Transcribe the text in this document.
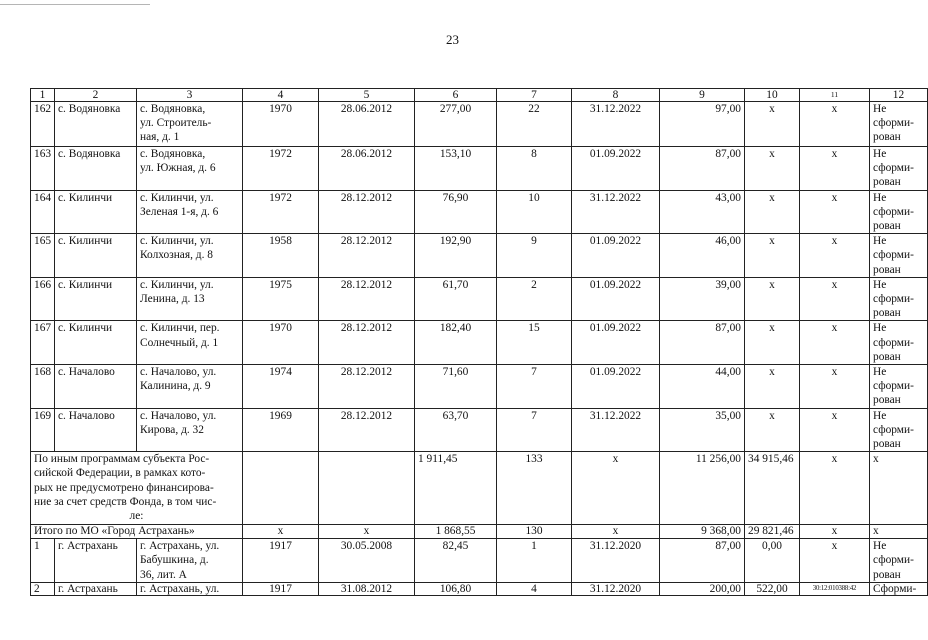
23
1	2	3	4	5	6	7	8	9	10	11	12
162	с. Водяновка	с. Водяновка,
ул. Строитель-
ная, д. 1	1970	28.06.2012	277,00	22	31.12.2022	97,00	x	x	Не
сформи-
рован

163	с. Водяновка	с. Водяновка,
ул. Южная, д. 6	1972	28.06.2012	153,10	8	01.09.2022	87,00	x	x	Не
сформи-
рован

164	с. Килинчи	с. Килинчи, ул.
Зеленая 1-я, д. 6	1972	28.12.2012	76,90	10	31.12.2022	43,00	x	x	Не
сформи-
рован

165	с. Килинчи	с. Килинчи, ул.
Колхозная, д. 8	1958	28.12.2012	192,90	9	01.09.2022	46,00	x	x	Не
сформи-
рован

166	с. Килинчи	с. Килинчи, ул.
Ленина, д. 13	1975	28.12.2012	61,70	2	01.09.2022	39,00	x	x	Не
сформи-
рован

167	с. Килинчи	с. Килинчи, пер.
Солнечный, д. 1	1970	28.12.2012	182,40	15	01.09.2022	87,00	x	x	Не
сформи-
рован

168	с. Началово	с. Началово, ул.
Калинина, д. 9	1974	28.12.2012	71,60	7	01.09.2022	44,00	x	x	Не
сформи-
рован

169	с. Началово	с. Началово, ул.
Кирова, д. 32	1969	28.12.2012	63,70	7	31.12.2022	35,00	x	x	Не
сформи-
рован

По иным программам субъекта Рос-
сийской Федерации, в рамках кото-
рых не предусмотрено финансирова-
ние за счет средств Фонда, в том чис-
ле:					1 911,45	133	x	11 256,00	34 915,46	x	x
Итого по МО «Город Астрахань»			x	x	1 868,55	130	x	9 368,00	29 821,46	x	x
1	г. Астрахань	г. Астрахань, ул.
Бабушкина, д.
36, лит. А	1917	30.05.2008	82,45	1	31.12.2020	87,00	0,00	x	Не
сформи-
рован

2	г. Астрахань	г. Астрахань, ул.	1917	31.08.2012	106,80	4	31.12.2020	200,00	522,00	30:12:010388:42	Сформи-
